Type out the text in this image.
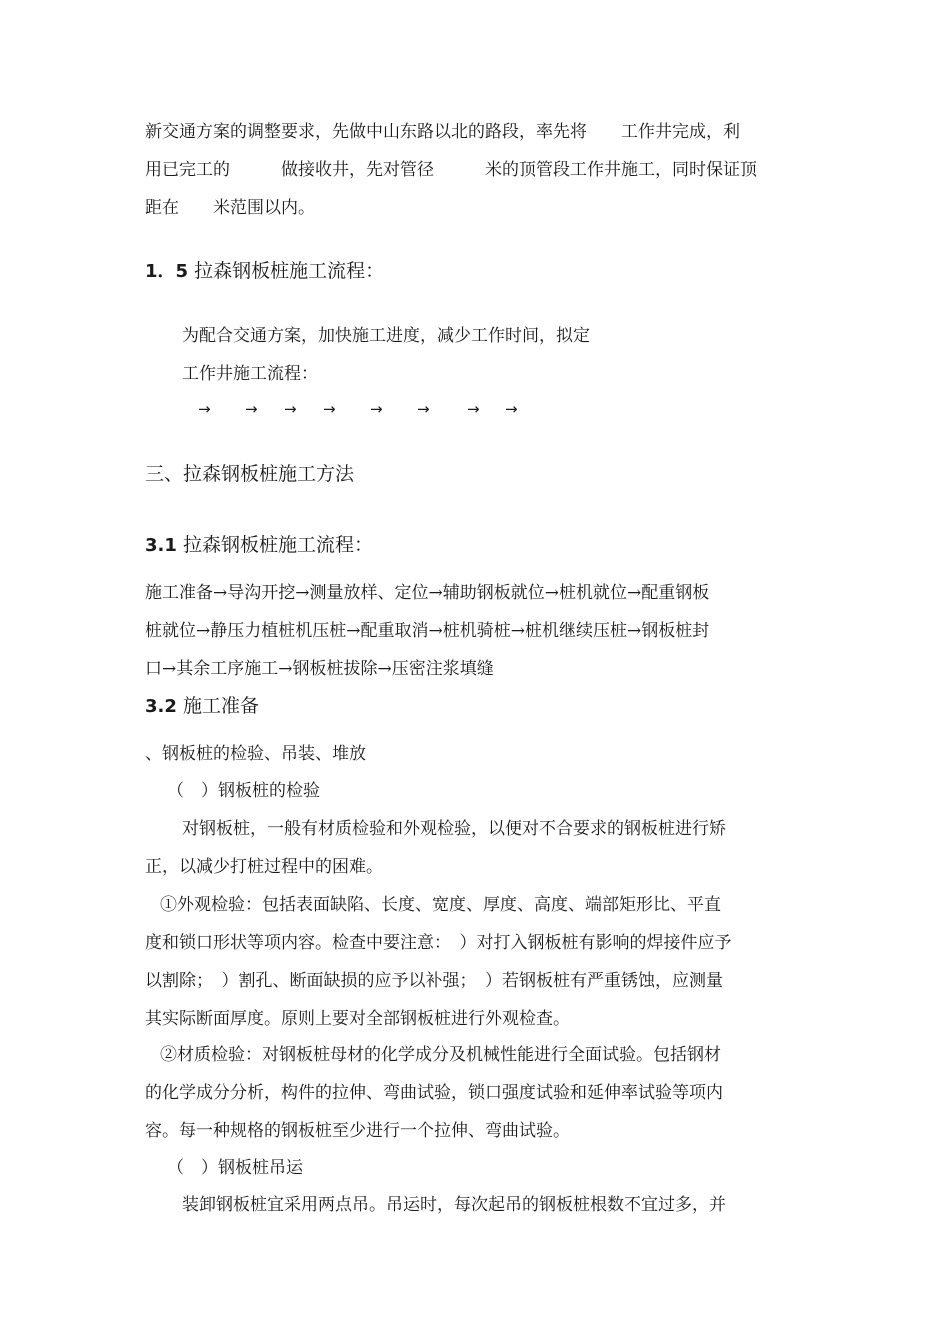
新交通方案的调整要求，先做中山东路以北的路段，率先将　　工作井完成，利

用已完工的　　　做接收井，先对管径　　　米的顶管段工作井施工，同时保证顶

距在　　米范围以内。

1．5 拉森钢板桩施工流程：

为配合交通方案，加快施工进度，减少工作时间，拟定

工作井施工流程：

→ → → → → → → →
三、拉森钢板桩施工方法
3.1 拉森钢板桩施工流程：

施工准备→导沟开挖→测量放样、定位→辅助钢板就位→桩机就位→配重钢板

桩就位→静压力植桩机压桩→配重取消→桩机骑桩→桩机继续压桩→钢板桩封

口→其余工序施工→钢板桩拔除→压密注浆填缝

3.2 施工准备

、钢板桩的检验、吊装、堆放

（　）钢板桩的检验

对钢板桩，一般有材质检验和外观检验，以便对不合要求的钢板桩进行矫

正，以减少打桩过程中的困难。

①外观检验：包括表面缺陷、长度、宽度、厚度、高度、端部矩形比、平直

度和锁口形状等项内容。检查中要注意：　）对打入钢板桩有影响的焊接件应予

以割除；　）割孔、断面缺损的应予以补强；　）若钢板桩有严重锈蚀，应测量

其实际断面厚度。原则上要对全部钢板桩进行外观检查。

②材质检验：对钢板桩母材的化学成分及机械性能进行全面试验。包括钢材

的化学成分分析，构件的拉伸、弯曲试验，锁口强度试验和延伸率试验等项内

容。每一种规格的钢板桩至少进行一个拉伸、弯曲试验。

（　）钢板桩吊运

装卸钢板桩宜采用两点吊。吊运时，每次起吊的钢板桩根数不宜过多，并
